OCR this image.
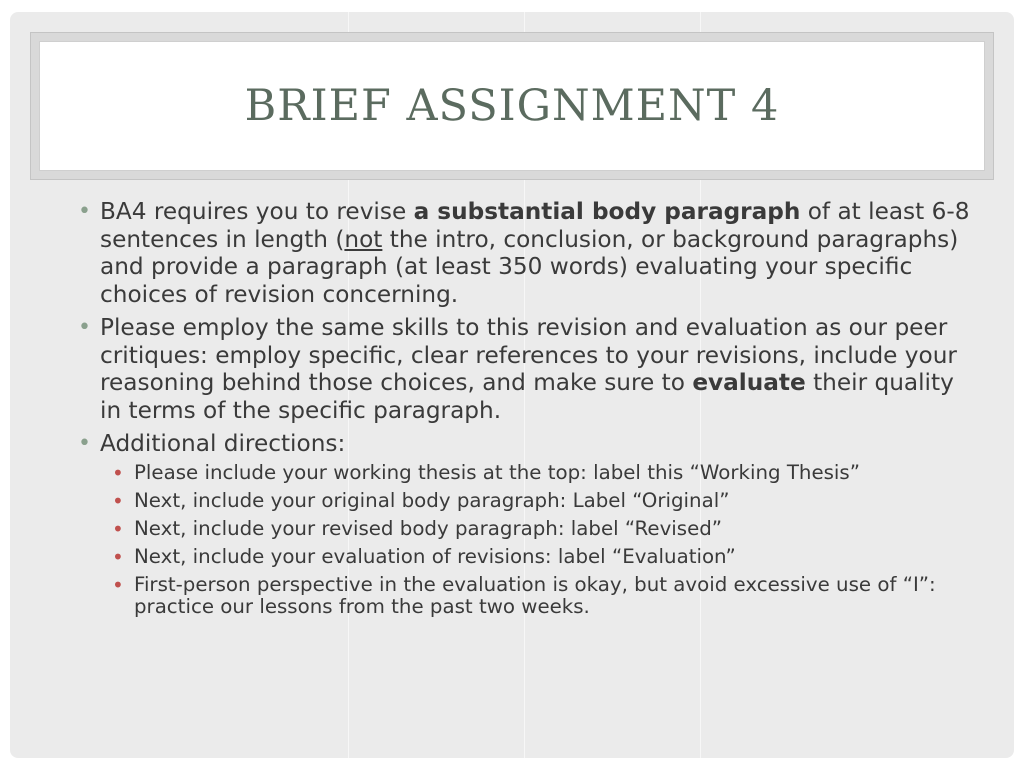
BRIEF ASSIGNMENT 4
• BA4 requires you to revise a substantial body paragraph of at least 6-8 sentences in length (not the intro, conclusion, or background paragraphs) and provide a paragraph (at least 350 words) evaluating your specific choices of revision concerning.
• Please employ the same skills to this revision and evaluation as our peer critiques: employ specific, clear references to your revisions, include your reasoning behind those choices, and make sure to evaluate their quality in terms of the specific paragraph.
• Additional directions:
• Please include your working thesis at the top: label this “Working Thesis”
• Next, include your original body paragraph: Label “Original”
• Next, include your revised body paragraph: label “Revised”
• Next, include your evaluation of revisions: label “Evaluation”
• First-person perspective in the evaluation is okay, but avoid excessive use of “I”: practice our lessons from the past two weeks.
